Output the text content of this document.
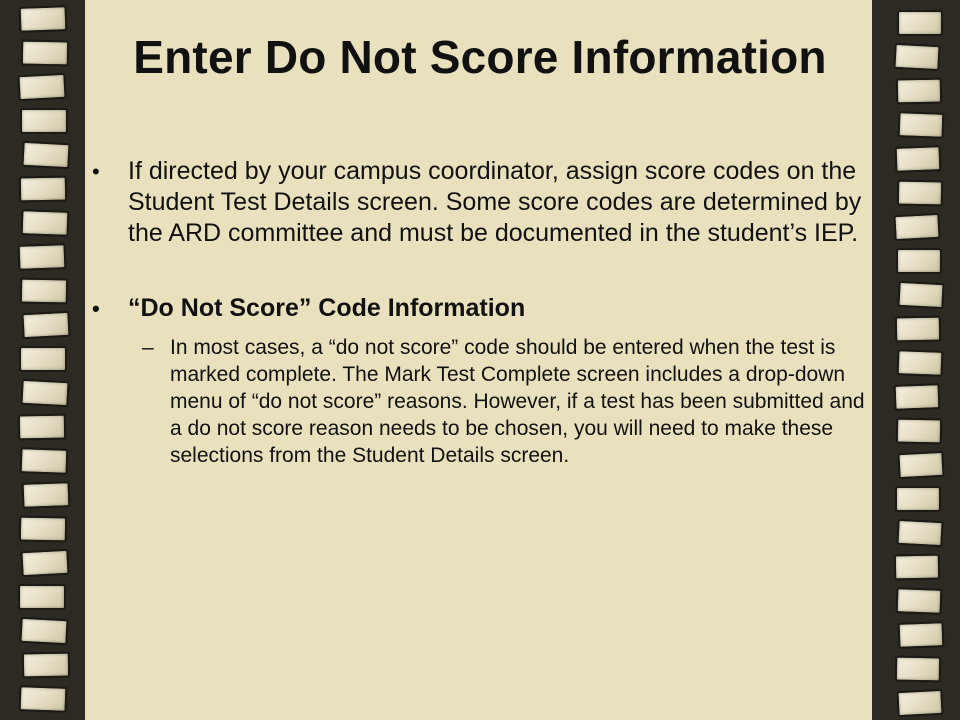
Enter Do Not Score Information
• If directed by your campus coordinator, assign score codes on the Student Test Details screen. Some score codes are determined by the ARD committee and must be documented in the student’s IEP.
• “Do Not Score” Code Information
– In most cases, a “do not score” code should be entered when the test is marked complete. The Mark Test Complete screen includes a drop-down menu of “do not score” reasons. However, if a test has been submitted and a do not score reason needs to be chosen, you will need to make these selections from the Student Details screen.
